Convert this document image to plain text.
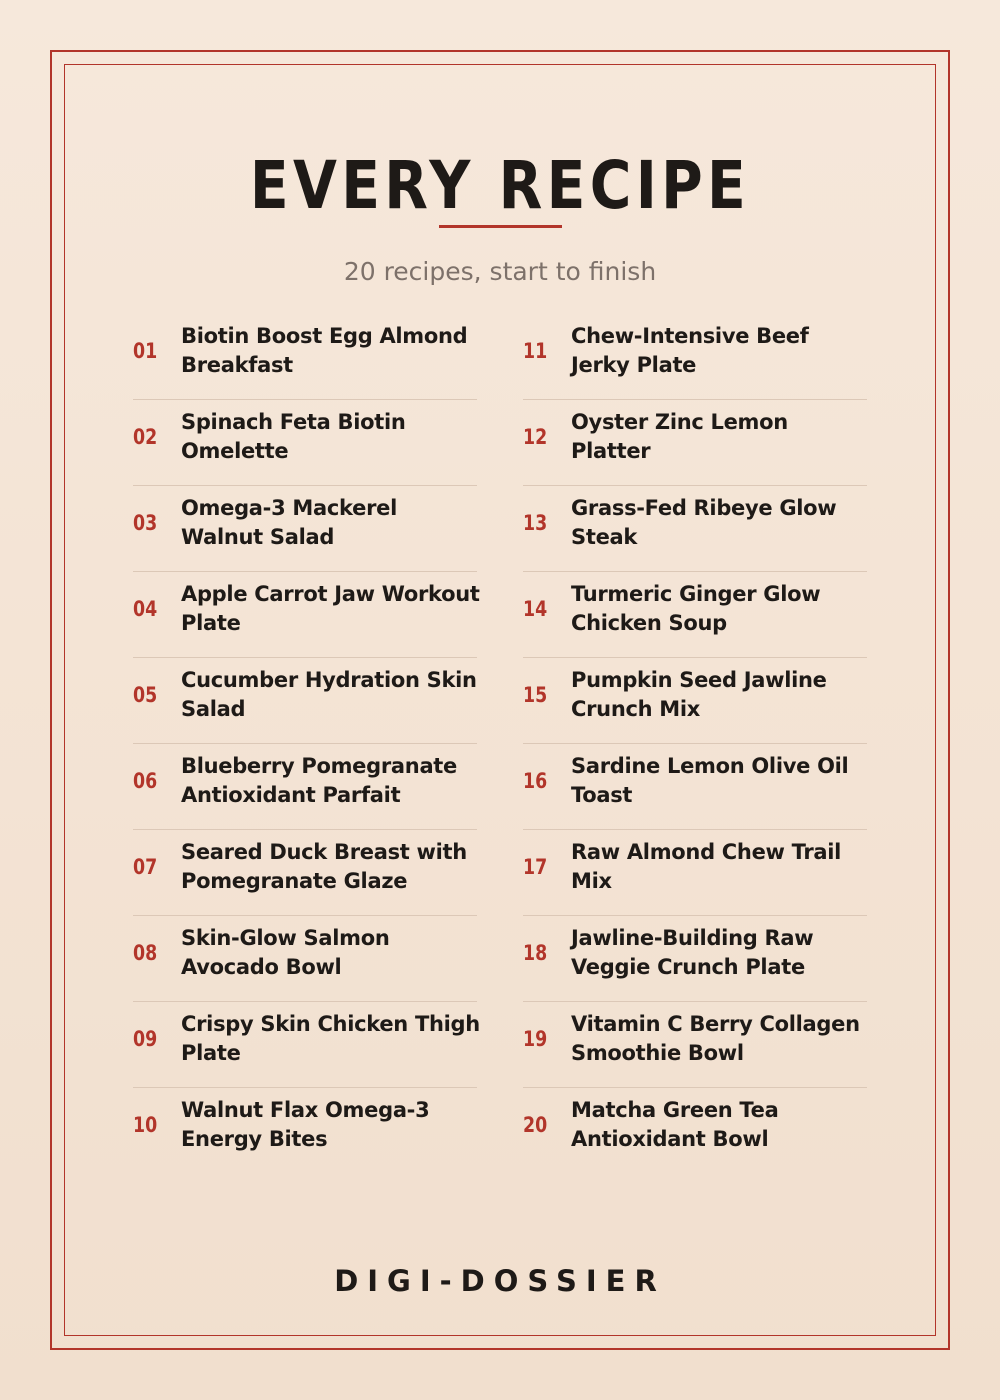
EVERY RECIPE
20 recipes, start to finish
01
Biotin Boost Egg Almond Breakfast
02
Spinach Feta Biotin Omelette
03
Omega-3 Mackerel Walnut Salad
04
Apple Carrot Jaw Workout Plate
05
Cucumber Hydration Skin Salad
06
Blueberry Pomegranate Antioxidant Parfait
07
Seared Duck Breast with Pomegranate Glaze
08
Skin-Glow Salmon Avocado Bowl
09
Crispy Skin Chicken Thigh Plate
10
Walnut Flax Omega-3 Energy Bites
11
Chew-Intensive Beef Jerky Plate
12
Oyster Zinc Lemon Platter
13
Grass-Fed Ribeye Glow Steak
14
Turmeric Ginger Glow Chicken Soup
15
Pumpkin Seed Jawline Crunch Mix
16
Sardine Lemon Olive Oil Toast
17
Raw Almond Chew Trail Mix
18
Jawline-Building Raw Veggie Crunch Plate
19
Vitamin C Berry Collagen Smoothie Bowl
20
Matcha Green Tea Antioxidant Bowl
DIGI-DOSSIER
